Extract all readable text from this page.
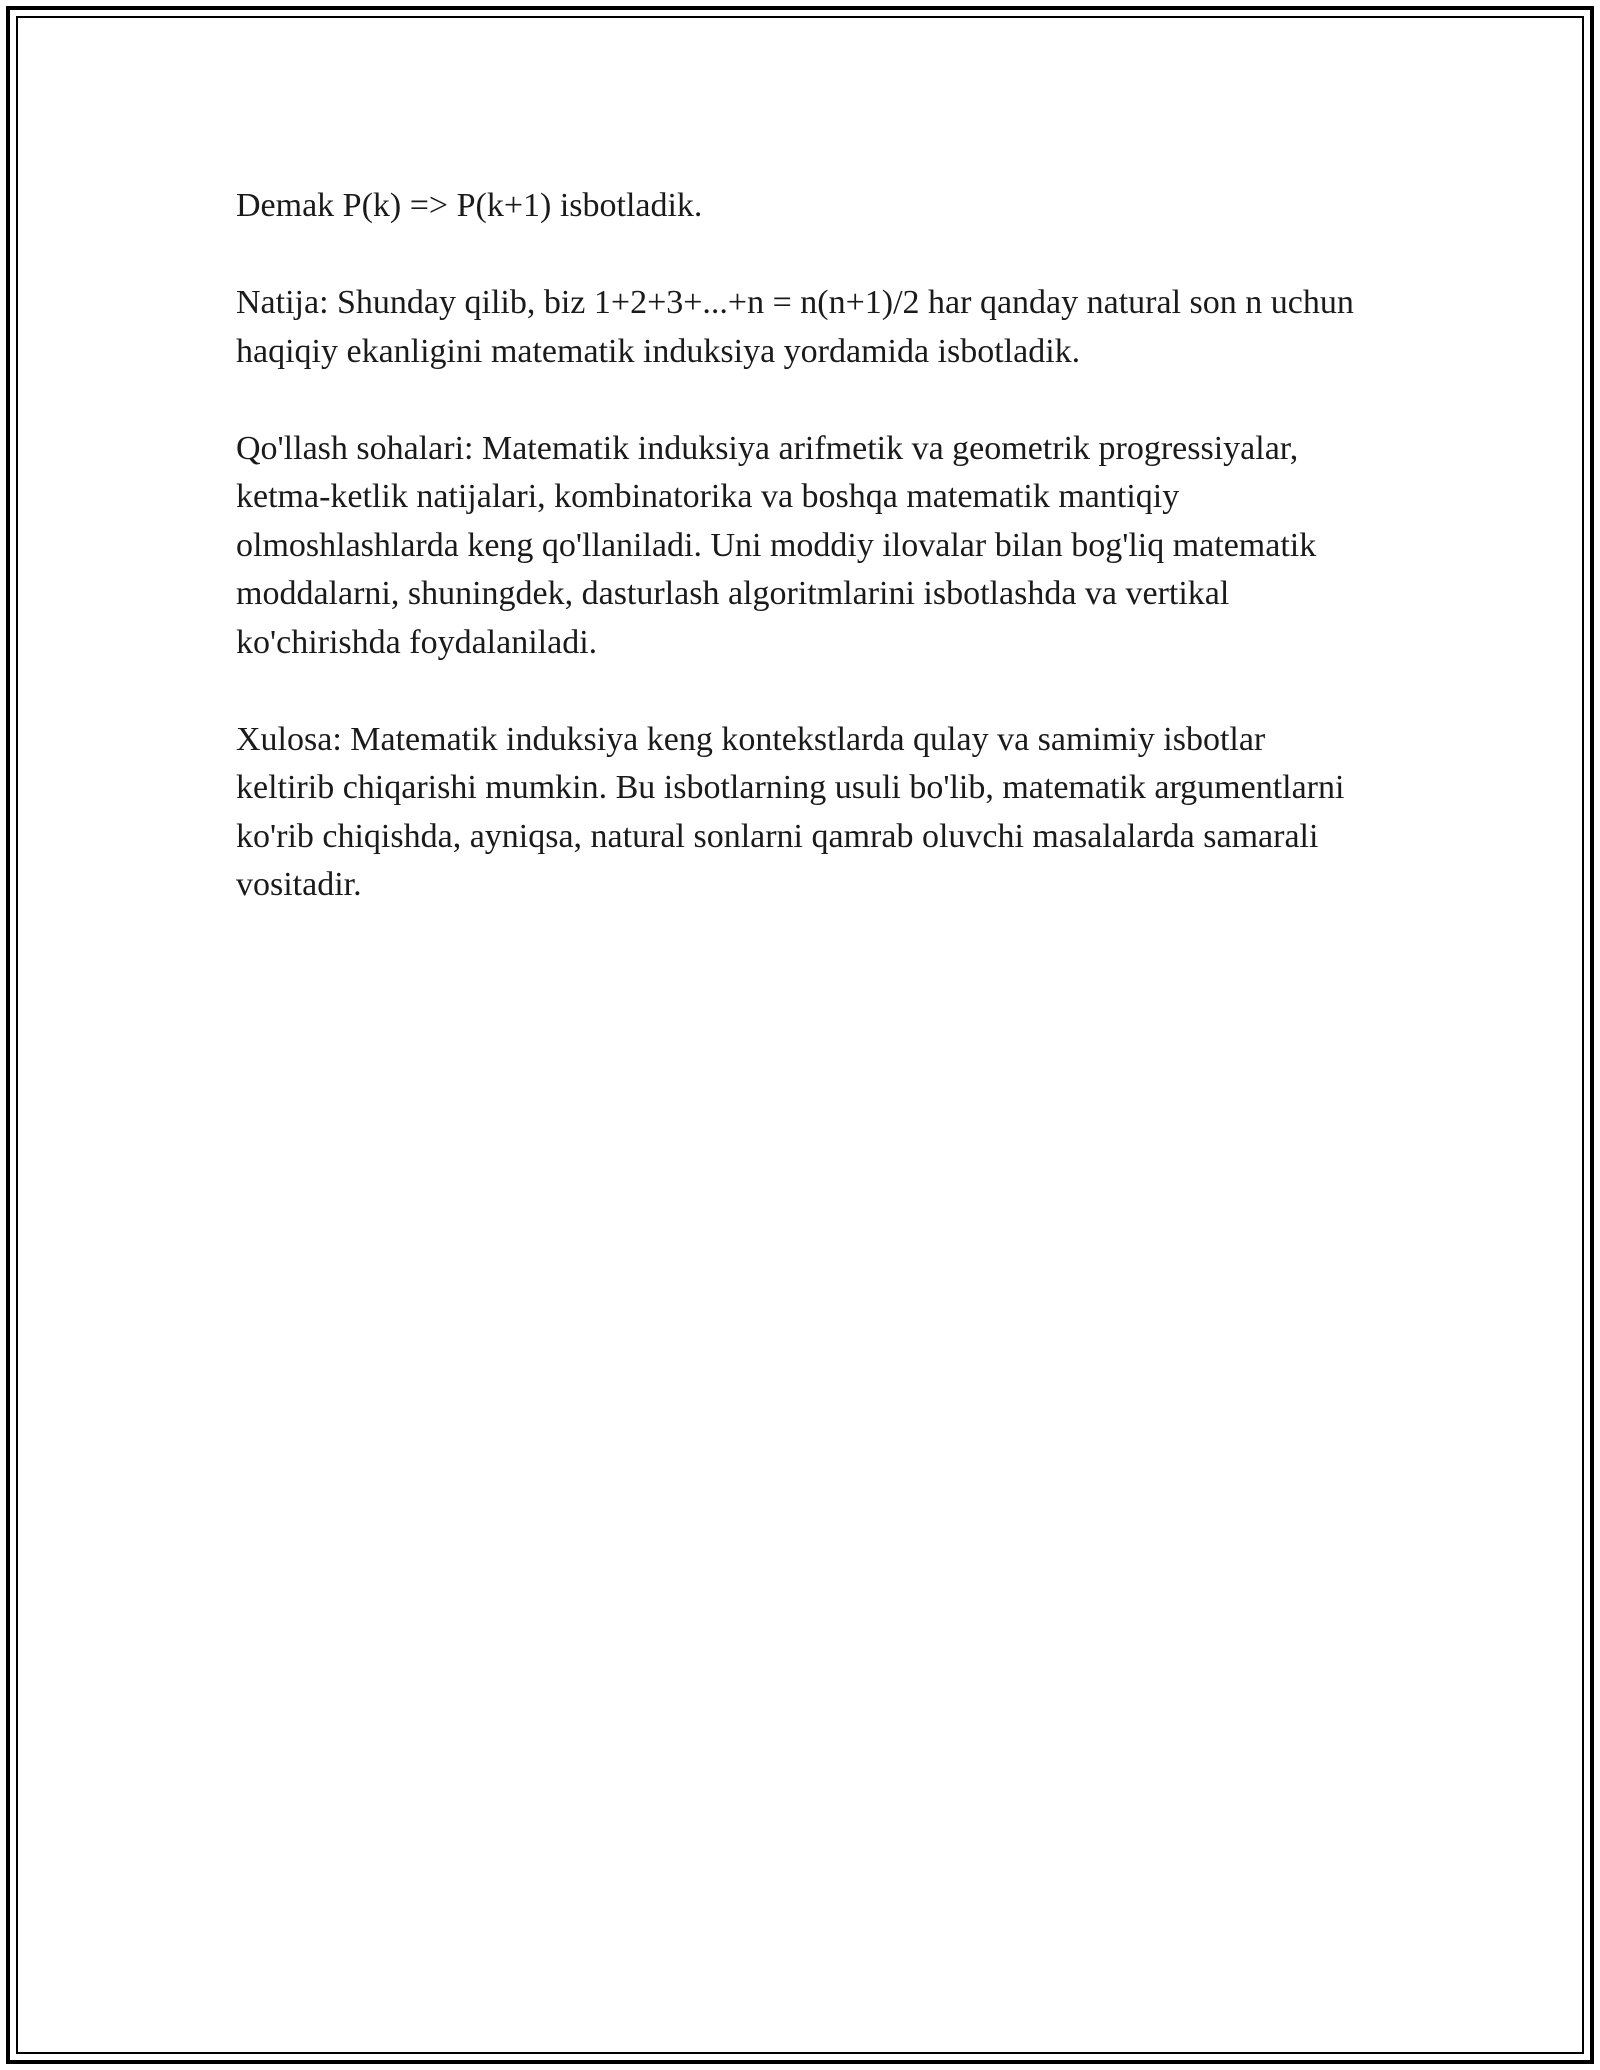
Demak P(k) => P(k+1) isbotladik.

Natija: Shunday qilib, biz 1+2+3+...+n = n(n+1)/2 har qanday natural son n uchun haqiqiy ekanligini matematik induksiya yordamida isbotladik.

Qo'llash sohalari: Matematik induksiya arifmetik va geometrik progressiyalar, ketma-ketlik natijalari, kombinatorika va boshqa matematik mantiqiy olmoshlashlarda keng qo'llaniladi. Uni moddiy ilovalar bilan bog'liq matematik moddalarni, shuningdek, dasturlash algoritmlarini isbotlashda va vertikal ko'chirishda foydalaniladi.

Xulosa: Matematik induksiya keng kontekstlarda qulay va samimiy isbotlar keltirib chiqarishi mumkin. Bu isbotlarning usuli bo'lib, matematik argumentlarni ko'rib chiqishda, ayniqsa, natural sonlarni qamrab oluvchi masalalarda samarali vositadir.
